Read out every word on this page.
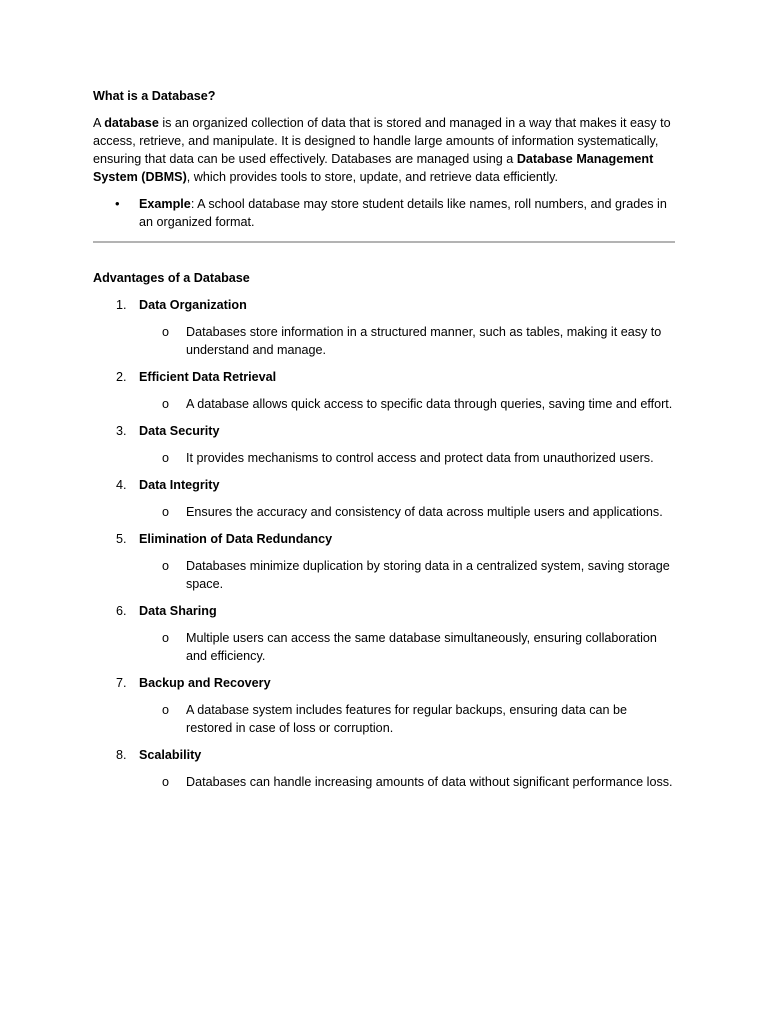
What is a Database?

A database is an organized collection of data that is stored and managed in a way that makes it easy to access, retrieve, and manipulate. It is designed to handle large amounts of information systematically, ensuring that data can be used effectively. Databases are managed using a Database Management System (DBMS), which provides tools to store, update, and retrieve data efficiently.

• Example: A school database may store student details like names, roll numbers, and grades in an organized format.
Advantages of a Database
1. Data Organization
o Databases store information in a structured manner, such as tables, making it easy to understand and manage.
2. Efficient Data Retrieval
o A database allows quick access to specific data through queries, saving time and effort.
3. Data Security
o It provides mechanisms to control access and protect data from unauthorized users.
4. Data Integrity
o Ensures the accuracy and consistency of data across multiple users and applications.
5. Elimination of Data Redundancy
o Databases minimize duplication by storing data in a centralized system, saving storage space.
6. Data Sharing
o Multiple users can access the same database simultaneously, ensuring collaboration and efficiency.
7. Backup and Recovery
o A database system includes features for regular backups, ensuring data can be restored in case of loss or corruption.
8. Scalability
o Databases can handle increasing amounts of data without significant performance loss.
